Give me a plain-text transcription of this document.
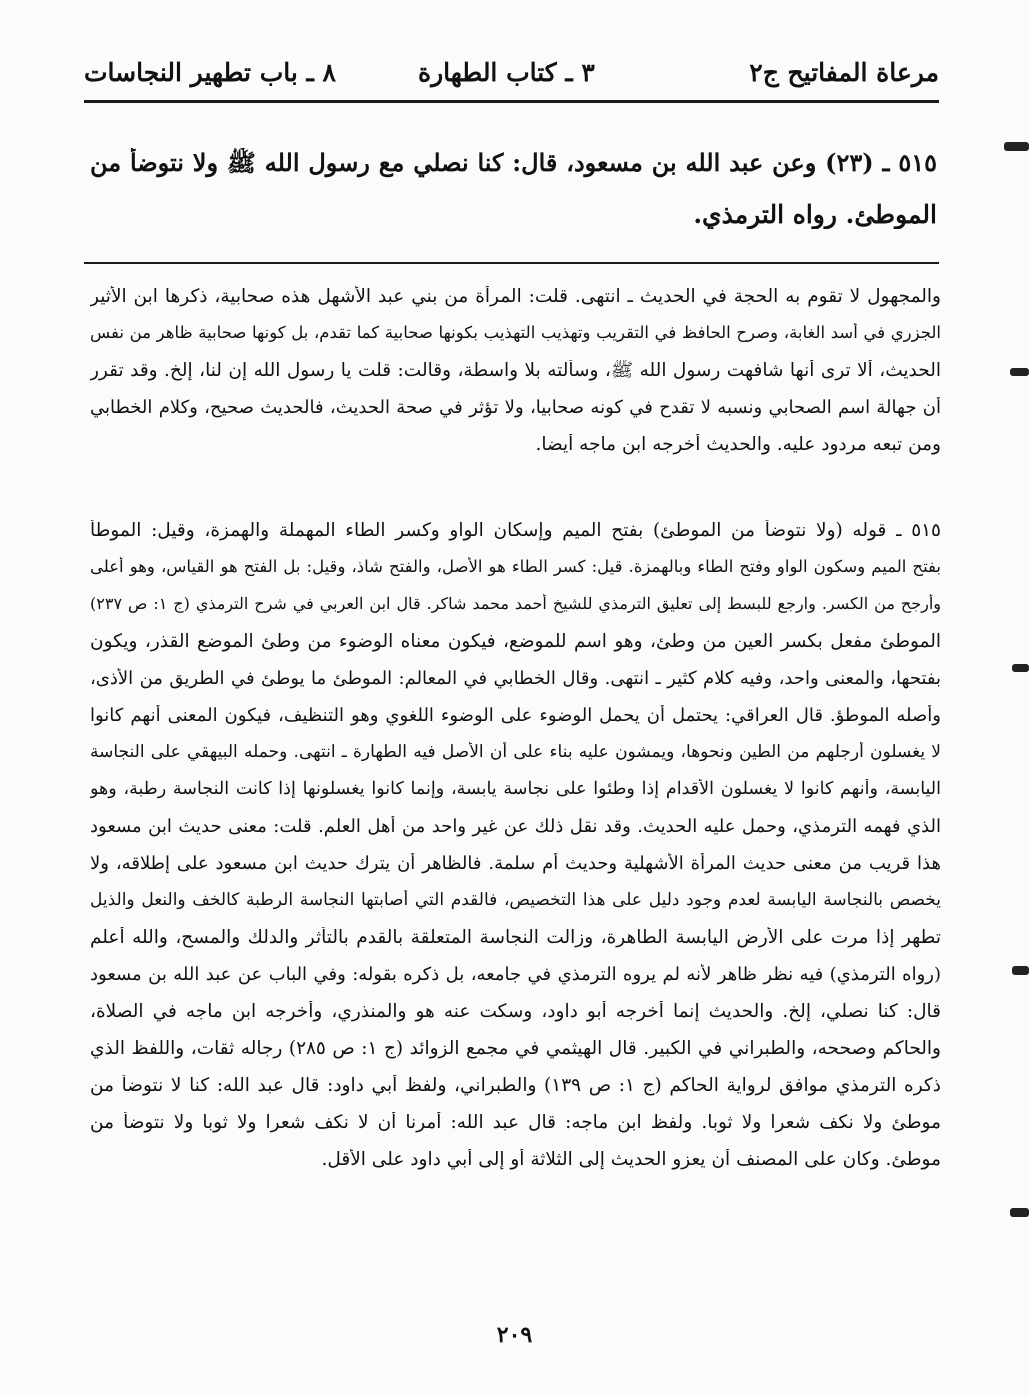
مرعاة المفاتيح ج٢
٣ ـ كتاب الطهارة
٨ ـ باب تطهير النجاسات
٥١٥ ـ (٢٣) وعن عبد الله بن مسعود، قال: كنا نصلي مع رسول الله ﷺ ولا نتوضأ من
الموطئ. رواه الترمذي.
والمجهول لا تقوم به الحجة في الحديث ـ انتهى. قلت: المرأة من بني عبد الأشهل هذه صحابية، ذكرها ابن الأثير
الجزري في أسد الغابة، وصرح الحافظ في التقريب وتهذيب التهذيب بكونها صحابية كما تقدم، بل كونها صحابية ظاهر من نفس
الحديث، ألا ترى أنها شافهت رسول الله ﷺ، وسألته بلا واسطة، وقالت: قلت يا رسول الله إن لنا، إلخ. وقد تقرر
أن جهالة اسم الصحابي ونسبه لا تقدح في كونه صحابيا، ولا تؤثر في صحة الحديث، فالحديث صحيح، وكلام الخطابي
ومن تبعه مردود عليه. والحديث أخرجه ابن ماجه أيضا.
٥١٥ ـ قوله (ولا نتوضأ من الموطئ) بفتح الميم وإسكان الواو وكسر الطاء المهملة والهمزة، وقيل: الموطأ
بفتح الميم وسكون الواو وفتح الطاء وبالهمزة. قيل: كسر الطاء هو الأصل، والفتح شاذ، وقيل: بل الفتح هو القياس، وهو أعلى
وأرجح من الكسر. وارجع للبسط إلى تعليق الترمذي للشيخ أحمد محمد شاكر. قال ابن العربي في شرح الترمذي (ج ١: ص ٢٣٧)
الموطئ مفعل بكسر العين من وطئ، وهو اسم للموضع، فيكون معناه الوضوء من وطئ الموضع القذر، ويكون
بفتحها، والمعنى واحد، وفيه كلام كثير ـ انتهى. وقال الخطابي في المعالم: الموطئ ما يوطئ في الطريق من الأذى،
وأصله الموطؤ. قال العراقي: يحتمل أن يحمل الوضوء على الوضوء اللغوي وهو التنظيف، فيكون المعنى أنهم كانوا
لا يغسلون أرجلهم من الطين ونحوها، ويمشون عليه بناء على أن الأصل فيه الطهارة ـ انتهى. وحمله البيهقي على النجاسة
اليابسة، وأنهم كانوا لا يغسلون الأقدام إذا وطئوا على نجاسة يابسة، وإنما كانوا يغسلونها إذا كانت النجاسة رطبة، وهو
الذي فهمه الترمذي، وحمل عليه الحديث. وقد نقل ذلك عن غير واحد من أهل العلم. قلت: معنى حديث ابن مسعود
هذا قريب من معنى حديث المرأة الأشهلية وحديث أم سلمة. فالظاهر أن يترك حديث ابن مسعود على إطلاقه، ولا
يخصص بالنجاسة اليابسة لعدم وجود دليل على هذا التخصيص، فالقدم التي أصابتها النجاسة الرطبة كالخف والنعل والذيل
تطهر إذا مرت على الأرض اليابسة الطاهرة، وزالت النجاسة المتعلقة بالقدم بالتأثر والدلك والمسح، والله أعلم
(رواه الترمذي) فيه نظر ظاهر لأنه لم يروه الترمذي في جامعه، بل ذكره بقوله: وفي الباب عن عبد الله بن مسعود
قال: كنا نصلي، إلخ. والحديث إنما أخرجه أبو داود، وسكت عنه هو والمنذري، وأخرجه ابن ماجه في الصلاة،
والحاكم وصححه، والطبراني في الكبير. قال الهيثمي في مجمع الزوائد (ج ١: ص ٢٨٥) رجاله ثقات، واللفظ الذي
ذكره الترمذي موافق لرواية الحاكم (ج ١: ص ١٣٩) والطبراني، ولفظ أبي داود: قال عبد الله: كنا لا نتوضأ من
موطئ ولا نكف شعرا ولا ثوبا. ولفظ ابن ماجه: قال عبد الله: أمرنا أن لا نكف شعرا ولا ثوبا ولا نتوضأ من
موطئ. وكان على المصنف أن يعزو الحديث إلى الثلاثة أو إلى أبي داود على الأقل.
٢٠٩
